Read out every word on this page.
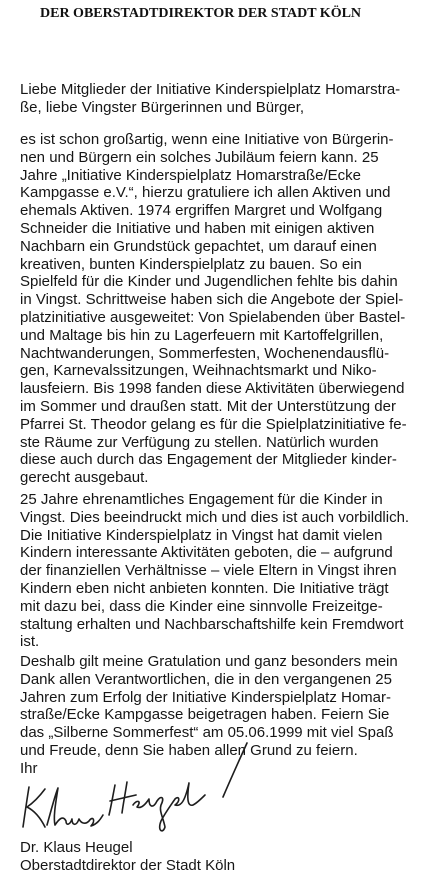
DER OBERSTADTDIREKTOR DER STADT KÖLN
Liebe Mitglieder der Initiative Kinderspielplatz Homarstra-
ße, liebe Vingster Bürgerinnen und Bürger,
es ist schon großartig, wenn eine Initiative von Bürgerin-
nen und Bürgern ein solches Jubiläum feiern kann. 25
Jahre „Initiative Kinderspielplatz Homarstraße/Ecke
Kampgasse e.V.“, hierzu gratuliere ich allen Aktiven und
ehemals Aktiven. 1974 ergriffen Margret und Wolfgang
Schneider die Initiative und haben mit einigen aktiven
Nachbarn ein Grundstück gepachtet, um darauf einen
kreativen, bunten Kinderspielplatz zu bauen. So ein
Spielfeld für die Kinder und Jugendlichen fehlte bis dahin
in Vingst. Schrittweise haben sich die Angebote der Spiel-
platzinitiative ausgeweitet: Von Spielabenden über Bastel-
und Maltage bis hin zu Lagerfeuern mit Kartoffelgrillen,
Nachtwanderungen, Sommerfesten, Wochenendausflü-
gen, Karnevalssitzungen, Weihnachtsmarkt und Niko-
lausfeiern. Bis 1998 fanden diese Aktivitäten überwiegend
im Sommer und draußen statt. Mit der Unterstützung der
Pfarrei St. Theodor gelang es für die Spielplatzinitiative fe-
ste Räume zur Verfügung zu stellen. Natürlich wurden
diese auch durch das Engagement der Mitglieder kinder-
gerecht ausgebaut.
25 Jahre ehrenamtliches Engagement für die Kinder in
Vingst. Dies beeindruckt mich und dies ist auch vorbildlich.
Die Initiative Kinderspielplatz in Vingst hat damit vielen
Kindern interessante Aktivitäten geboten, die – aufgrund
der finanziellen Verhältnisse – viele Eltern in Vingst ihren
Kindern eben nicht anbieten konnten. Die Initiative trägt
mit dazu bei, dass die Kinder eine sinnvolle Freizeitge-
staltung erhalten und Nachbarschaftshilfe kein Fremdwort
ist.
Deshalb gilt meine Gratulation und ganz besonders mein
Dank allen Verantwortlichen, die in den vergangenen 25
Jahren zum Erfolg der Initiative Kinderspielplatz Homar-
straße/Ecke Kampgasse beigetragen haben. Feiern Sie
das „Silberne Sommerfest“ am 05.06.1999 mit viel Spaß
und Freude, denn Sie haben allen Grund zu feiern.
Ihr
Dr. Klaus Heugel
Oberstadtdirektor der Stadt Köln
